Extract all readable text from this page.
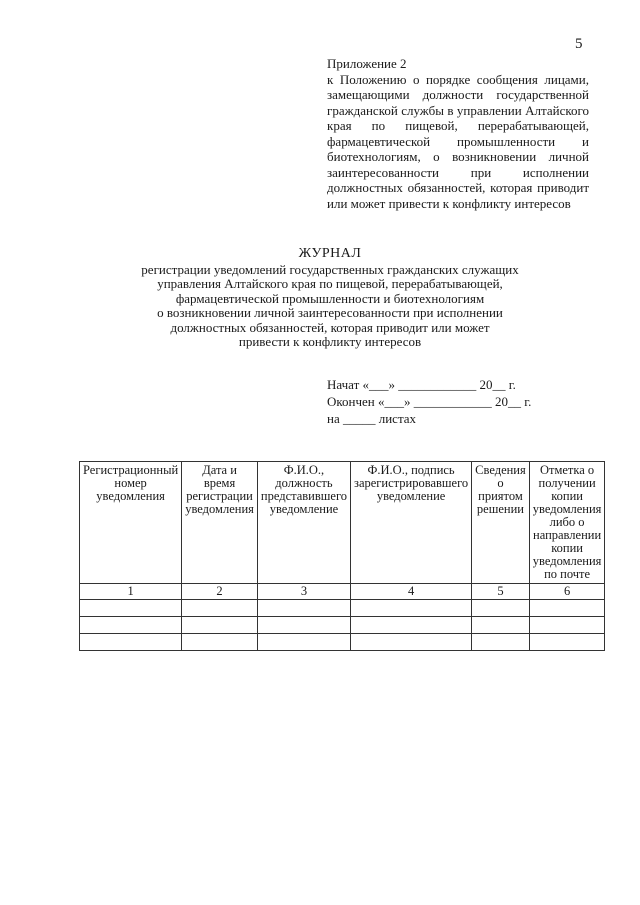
5
Приложение 2
к Положению о порядке сообщения лицами, замещающими должности государственной гражданской службы в управлении Алтайского края по пищевой, перерабатывающей, фармацевтической промышленности и биотехнологиям, о возникновении личной заинтересованности при исполнении должностных обязанностей, которая приводит или может привести к конфликту интересов
ЖУРНАЛ
регистрации уведомлений государственных гражданских служащих
управления Алтайского края по пищевой, перерабатывающей,
фармацевтической промышленности и биотехнологиям
о возникновении личной заинтересованности при исполнении
должностных обязанностей, которая приводит или может
привести к конфликту интересов
Начат «___» ____________ 20__ г.
Окончен «___» ____________ 20__ г.
на _____ листах
Регистрационный номер уведомления	Дата и время регистрации уведомления	Ф.И.О., должность представившего уведомление	Ф.И.О., подпись зарегистрировавшего уведомление	Сведения о приятом решении	Отметка о получении копии уведомления либо о направлении копии уведомления по почте
1	2	3	4	5	6
